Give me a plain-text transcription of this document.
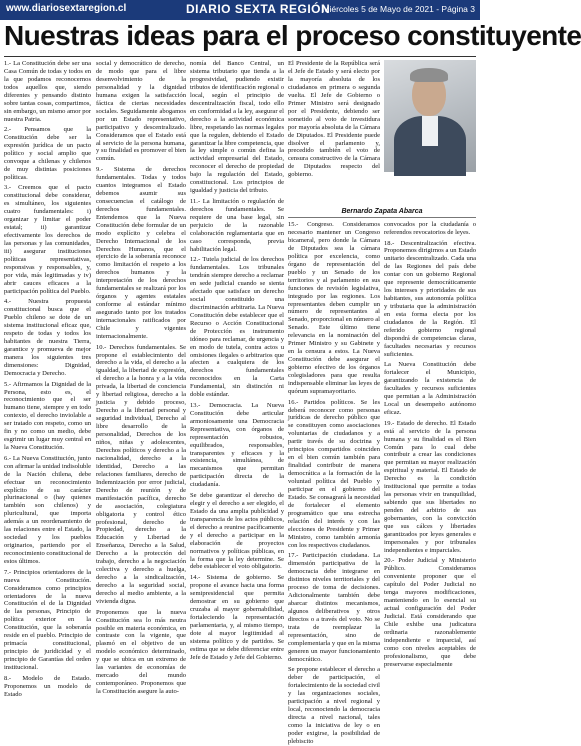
www.diariosextaregion.cl	DIARIO SEXTA REGIÓN
Miércoles 5 de Mayo de 2021 - Página 3
Nuestras ideas para el proceso constituyente

1.- La Constitución debe ser una Casa Común de todas y todos en la que podamos reconocernos todos aquellos que, siendo diferentes y pensando distinto sobre tantas cosas, compartimos, sin embargo, un mismo amor por nuestra Patria.

2.- Pensamos que la Constitución debe ser la expresión jurídica de un pacto político y social amplio que convoque a chilenas y chilenos de muy distintas posiciones políticas.

3.- Creemos que el pacto constitucional debe considerar, es simultáneo, los siguientes cuatro fundamentales: i) organizar y limitar el poder estatal; ii) garantizar efectivamente los derechos de las personas y las comunidades, iii) asegurar instituciones políticas representativas, responsivas y responsables, y, por vida, más legitimadas y iv) abrir cauces eficaces a la participación política del Pueblo.

4.- Nuestra propuesta constitucional busca que el Pueblo chileno se dote de un sistema institucional eficaz que, respeto de todas y todos los habitantes de nuestra Tierra, garantice y promueva de mejor manera los siguientes tres dimensiones: Dignidad, Democracia y Derecho.

5.- Afirmamos la Dignidad de la Persona, esto es, el reconocimiento que el ser humano tiene, siempre y en todo contexto, el derecho inviolable a ser tratado con respeto, como un fin y no como un medio, debe esgrimir un lugar muy central en la Nueva Constitución.

6.- La Nueva Constitución, junto con afirmar la unidad indisoluble de la Nación chilena, debe efectuar un reconocimiento explícito de su carácter plurinacional o (hay quienes también son chilenos) y pluricultural, que importa además a un reordenamiento de las relaciones entre el Estado, la sociedad y los pueblos originarios, partiendo por el reconocimiento constitucional de estos últimos.

7.- Principios orientadores de la nueva Constitución. Consideramos como principios orientadores de la nueva Constitución el de la Dignidad de las personas, Principio de política exterior en la Constitución, que la soberanía reside en el pueblo. Principio de primacía constitucional, principio de juridicidad y el principio de Garantías del orden institucional.

8.- Modelo de Estado. Proponemos un modelo de Estado

social y democrático de derecho, de modo que para el libre desenvolvimiento de la personalidad y la dignidad humana exigen la satisfacción fáctica de ciertas necesidades sociales. Seguidamente abogamos por un Estado representativo, participativo y descentralizado. Consideramos que el Estado está al servicio de la persona humana, y su finalidad es promover el bien común.

9.- Sistema de derechos fundamentales. Todas y todos cuantos integramos el Estado debemos asumir sus consecuencias el catálogo de derechos fundamentales. Entendemos que la Nueva Constitución debe formular de un modo explícito y celebra el Derecho Internacional de los Derechos Humanos, que el ejercicio de la soberanía reconoce como limitación el respeto a los derechos humanos y la interpretación de los derechos fundamentales se realizará por los órganos y agentes estatales conforme al estándar mínimo asegurado tanto por los tratados internacionales ratificados por Chile y vigentes internacionalmente.

10.- Derechos fundamentales. Se propone el establecimiento del derecho a la vida, el derecho a la igualdad, la libertad de expresión, el derecho a la honra y a la vida privada, la libertad de conciencia y libertad religiosa, derecho a la justicia y debido proceso, Derecho a la libertad personal y seguridad individual, Derecho al libre desarrollo de la personalidad, Derechos de los niños, niñas y adolescentes, Derechos políticos y derecho a la nacionalidad, derecho a la identidad, Derecho a las relaciones familiares, derecho de Indemnización por error judicial, Derecho de reunión y de manifestación pacífica, derecho de asociación, colegiatura obligatoria y control ético profesional, derecho de Propiedad, derecho a la Educación y Libertad de Enseñanza, Derecho a la Salud, Derecho a la protección del trabajo, derecho a la negociación colectiva y derecho a huelga, derecho a la sindicalización, derecho a la seguridad social, derecho al medio ambiente, a la vivienda digna.

Proponemos que la nueva Constitución sea lo más neutra posible en materia económica, en contraste con la vigente, que plasmó en el objetivo de un modelo económico determinado, y que se ubica en un extremo de las variantes de economías de mercado del mundo contemporáneo. Proponemos que la Constitución asegure la auto-

nomía del Banco Central, un sistema tributario que tienda a la progresividad, pudiendo existir tributos de identificación regional o local, según el principio de descentralización fiscal, todo ello en conformidad a la ley, asegurar el derecho a la actividad económica libre, respetando las normas legales que la regulen, debiendo el Estado garantizar la libre competencia, que la ley simple o común defina la actividad empresarial del Estado, reconocer el derecho de propiedad bajo la regulación del Estado, constitucional. Los principios de igualdad y justicia del tributo.

11.- La limitación o regulación de derechos fundamentales. Se requiere de una base legal, sin perjuicio de la razonable colaboración reglamentaria que en caso corresponda, previa habilitación legal.

12.- Tutela judicial de los derechos fundamentales. Los tribunales tendrán siempre derecho a reclamar en sede judicial cuando se sienta afectado que satisface un derecho social constituido una discriminación arbitraria. La Nueva Constitución debe establecer que el Recurso o Acción Constitucional de Protección es instrumento idóneo para reclamar, de urgencia y en modo de tutela, contra actos u omisiones ilegales o arbitrarios que afecten a cualquiera de los derechos fundamentales reconocidos en la Carta Fundamental, sin distinción ni doble estándar.

13.- Democracia. La Nueva Constitución debe articular armoniosamente una Democracia Representativa, con órganos de representación robustos, equilibrados, responsables, transparentes y eficaces y la existencia, simultánea, de mecanismos que permitan participación directa de la ciudadanía.

Se debe garantizar el derecho de elegir y el derecho a ser elegido, el Estado da una amplia publicidad y transparencia de los actos públicos, el derecho a reunirse pacíficamente y el derecho a participar en la elaboración de proyectos normativos y políticas públicas, en la forma que la ley determine. Se debe establecer el voto obligatorio.

14.- Sistema de gobierno. Se propone el avance hacia una forma semipresidencial que permita demostrar en su gobierno que cruzaba al mayor gobernabilidad, fortaleciendo la representación parlamentaria, y, al mismo tiempo, dote al mayor legitimidad al sistema político y de partidos. Se estima que se debe diferenciar entre Jefe de Estado y Jefe del Gobierno.

El Presidente de la República será el Jefe de Estado y será electo por la mayoría absoluta de los ciudadanos en primera o segunda vuelta. El Jefe de Gobierno o Primer Ministro será designado por el Presidente, debiendo ser sometido al voto de investidura por mayoría absoluta de la Cámara de Diputados. El Presidente puede disolver el parlamento y, precedido también el voto de censura constructivo de la Cámara de Diputados respecto del gobierno.

Bernardo Zapata Abarca

15.- Congreso. Consideramos necesario mantener un Congreso bicameral, pero donde la Cámara de Diputados sea la cámara política por excelencia, como órgano de representación del pueblo y un Senado de los territorios y al parlamento en sus funciones de revisión legislativa, integrado por las regiones. Los representantes deben cumplir un número de representantes al Senado, proporcional en número al Senado. Este último tiene relevancia en la nominación del Primer Ministro y su Gabinete y en la censura a estos. La Nueva Constitución debe asegurar el gobierno efectivo de los órganos colegisladores para que resulta indispensable eliminar las leyes de quórum supramayoritario.

16.- Partidos políticos. Se les deberá reconocer como personas jurídicas de derecho público que se constituyen como asociaciones voluntarias de ciudadanos y a partir través de su doctrina y principios compartidos coinciden en el bien común también para finalidad contribuir de manera democrática a la formación de la voluntad política del Pueblo y participar en el gobierno del Estado. Se consagrará la necesidad de fortalecer el elemento programático que una estrecha relación del interés y con las elecciones de Presidente y Primer Ministro, como también armonía con los respectivos ciudadanos.

17.- Participación ciudadana. La dimensión participativa de la democracia debe integrarse en distintos niveles territoriales y del proceso de toma de decisiones. Adicionalmente también debe abarcar distintos mecanismos, algunos deliberativos y otros directos o a través del voto. No se trata de reemplazar la representación, sino de complementarla y que en la misma generen un mayor funcionamiento democrático.

Se propone establecer el derecho a deber de participación, el fortalecimiento de la sociedad civil y las organizaciones sociales, participación a nivel regional y local, reconociendo la democracia directa a nivel nacional, tales como la iniciativa de ley o en poder exigirse, la posibilidad de plebiscito

convocados por la ciudadanía o referendos revocatorios de leyes.

18.- Descentralización efectiva. Proponemos dirigirnos a un Estado unitario descentralizado. Cada una de las Regiones del país debe contar con un gobierno Regional que represente democráticamente los intereses y prioridades de sus habitantes, sus autonomía política y tributaria que la administración en esta forma electa por los ciudadanos de la Región. El referido gobierno regional dispondrá de competencias claras, facultades necesarias y recursos suficientes.

La Nueva Constitución debe fortalecer el Municipio, garantizando la existencia de facultades y recursos suficientes que permitan a la Administración Local un desempeño autónomo eficaz.

19.- Estado de derecho. El Estado está al servicio de la persona humana y su finalidad es el Bien Común para lo cual debe contribuir a crear las condiciones que permitan su mayor realización espiritual y material. El Estado de Derecho es la condición institucional que permite a todas las personas vivir en tranquilidad, sabiendo que sus libertades no penden del arbitrio de sus gobernantes, con la convicción que sus cálces y libertades garantizados por leyes generales e impersonales y por tribunales independientes e imparciales.

20.- Poder Judicial y Ministerio Público. Consideramos conveniente proponer que el capítulo del Poder Judicial no tenga mayores modificaciones, manteniendo en lo esencial su actual configuración del Poder Judicial. Está considerando que Chile exhibe una judicatura ordinaria razonablemente independiente e imparcial, así como con niveles aceptables de profesionalismo, que debe preservarse especialmente
